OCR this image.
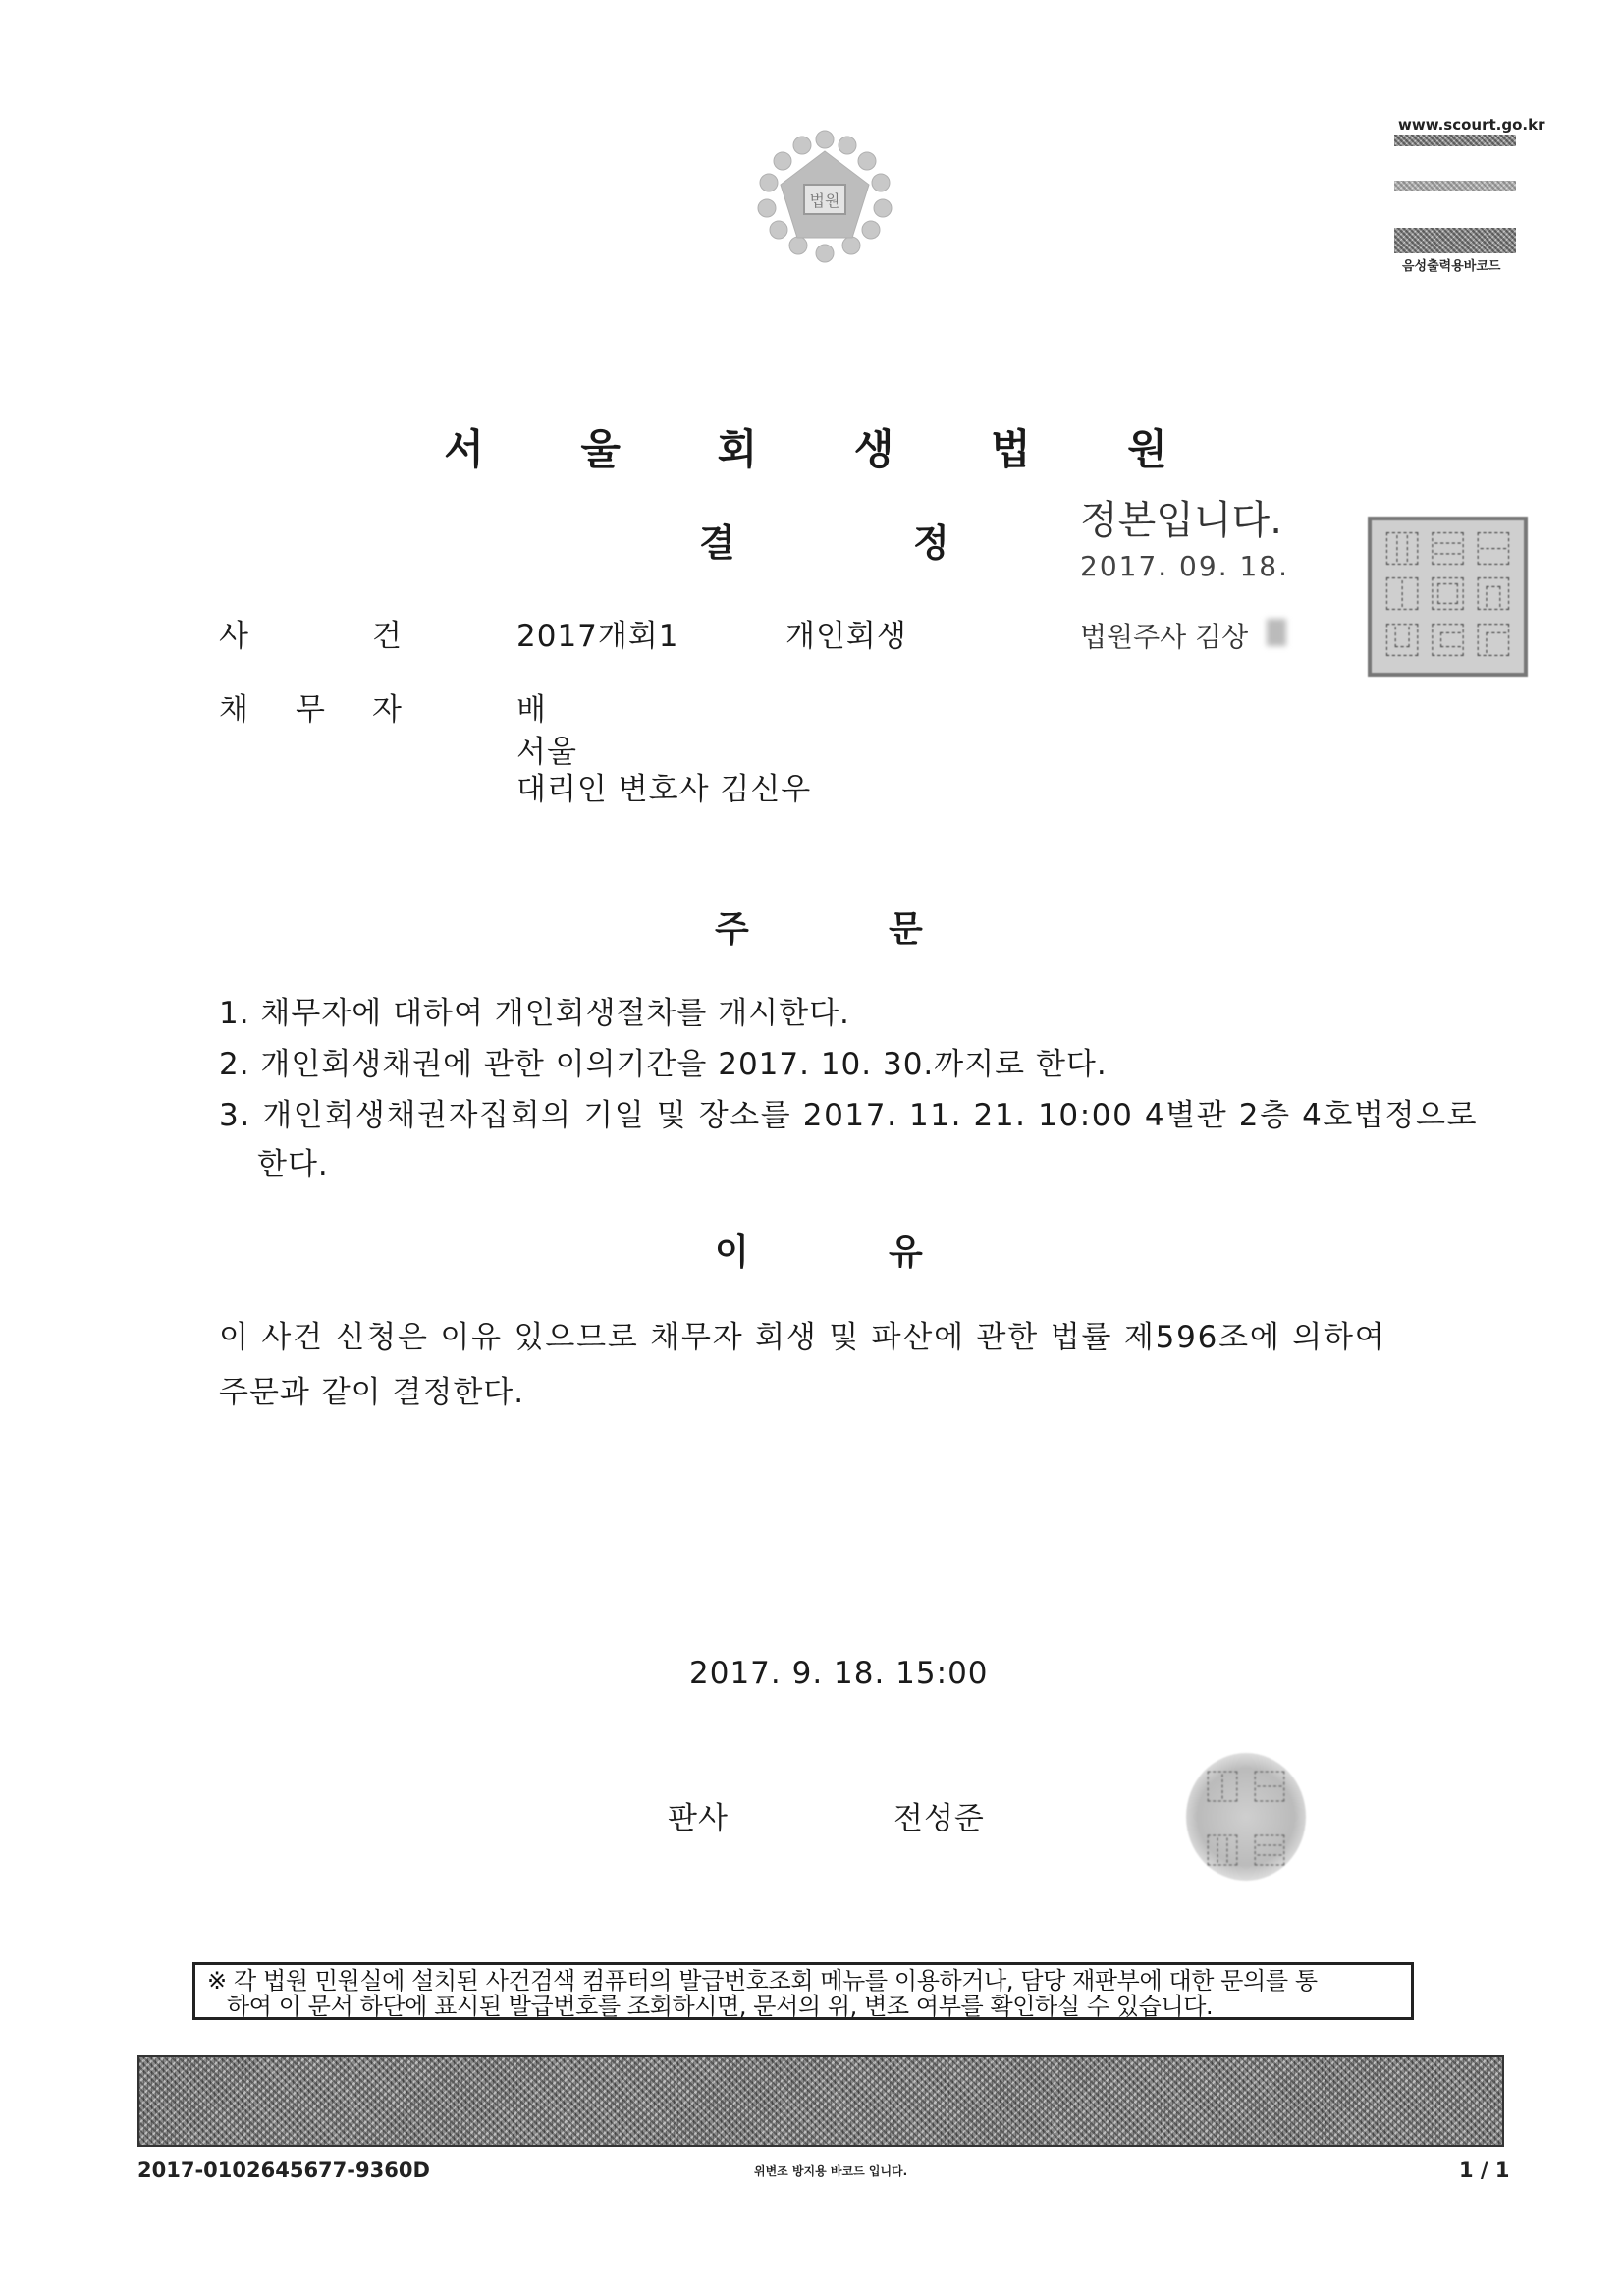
법원
www.scourt.go.kr
음성출력용바코드
서 울 회 생 법 원
결	정	정본입니다.
2017. 09. 18.
법원주사 김상
⿲ ⿳ ⿱
⿰ ⿴ ⿵
⿶ ⿷ ⿸
사	건	2017개회1	개인회생
채 무 자	배
서울
대리인 변호사 김신우
주	문
1. 채무자에 대하여 개인회생절차를 개시한다.
2. 개인회생채권에 관한 이의기간을 2017. 10. 30.까지로 한다.
3. 개인회생채권자집회의 기일 및 장소를 2017. 11. 21. 10:00 4별관 2층 4호법정으로
한다.
이	유
이 사건 신청은 이유 있으므로 채무자 회생 및 파산에 관한 법률 제596조에 의하여
주문과 같이 결정한다.
2017. 9. 18. 15:00
판사	전성준
⿰ ⿱
⿲ ⿳
※ 각 법원 민원실에 설치된 사건검색 컴퓨터의 발급번호조회 메뉴를 이용하거나, 담당 재판부에 대한 문의를 통
하여 이 문서 하단에 표시된 발급번호를 조회하시면, 문서의 위, 변조 여부를 확인하실 수 있습니다.
2017-0102645677-9360D	위변조 방지용 바코드 입니다.	1 / 1
